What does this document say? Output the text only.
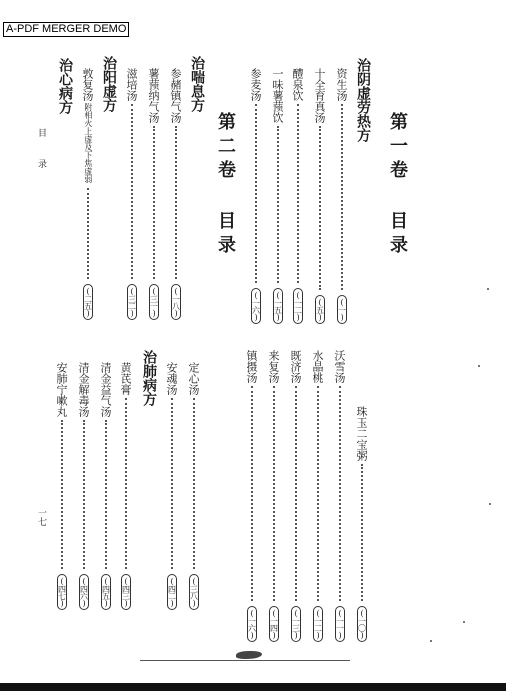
A-PDF MERGER DEMO
第一卷 目录
治阴虚劳热方
资生汤
(一)
十全育真汤
(五)
醴泉饮
(一二)
一味薯蓣饮
(一五)
参麦汤
(一六)
珠玉二宝粥
(一〇)
沃雪汤
(一一)
水晶桃
(一二)
既济汤
(一三)
来复汤
(一四)
镇摄汤
(一六)
第二卷 目录
治喘息方
参赭镇气汤
(一八)
薯蓣纳气汤
(三一)
滋培汤
(三二)
治阳虚方
敦复汤
附相火上虚及下焦虚弱
(二五)
治心病方
定心汤
(三八)
安魂汤
(四二)
治肺病方
黄芪膏
(四三)
清金益气汤
(四五)
清金解毒汤
(四六)
安肺宁嗽丸
(四七)
目 录
一七
